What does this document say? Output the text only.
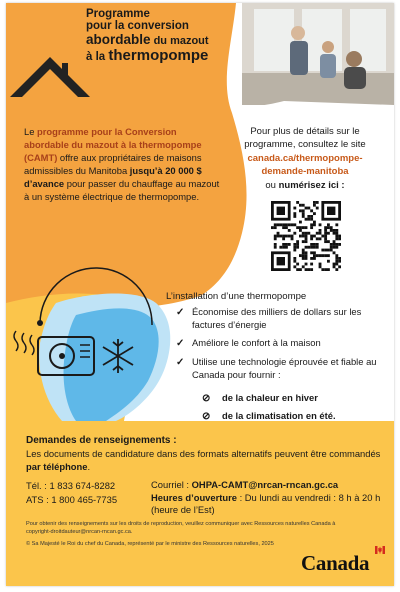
Programme
pour la conversion
abordable du mazout
à la thermopompe
Le programme pour la Conversion abordable du mazout à la thermopompe (CAMT) offre aux propriétaires de maisons admissibles du Manitoba jusqu’à 20 000 $ d’avance pour passer du chauffage au mazout à un système électrique de thermopompe.
Pour plus de détails sur le programme, consultez le site
canada.ca/thermopompe-demande-manitoba
ou numérisez ici :
L’installation d’une thermopompe
✓ Économise des milliers de dollars sur les factures d’énergie
✓ Améliore le confort à la maison
✓ Utilise une technologie éprouvée et fiable au Canada pour fournir :
⊘ de la chaleur en hiver
⊘ de la climatisation en été.
Demandes de renseignements :
Les documents de candidature dans des formats alternatifs peuvent être commandés par téléphone.
Tél. : 1 833 674-8282
ATS : 1 800 465-7735
Courriel : OHPA-CAMT@nrcan-rncan.gc.ca
Heures d’ouverture : Du lundi au vendredi : 8 h à 20 h (heure de l’Est)
Pour obtenir des renseignements sur les droits de reproduction, veuillez communiquer avec Ressources naturelles Canada à copyright-droitdauteur@nrcan-rncan.gc.ca.
© Sa Majesté le Roi du chef du Canada, représenté par le ministre des Ressources naturelles, 2025
Canada
